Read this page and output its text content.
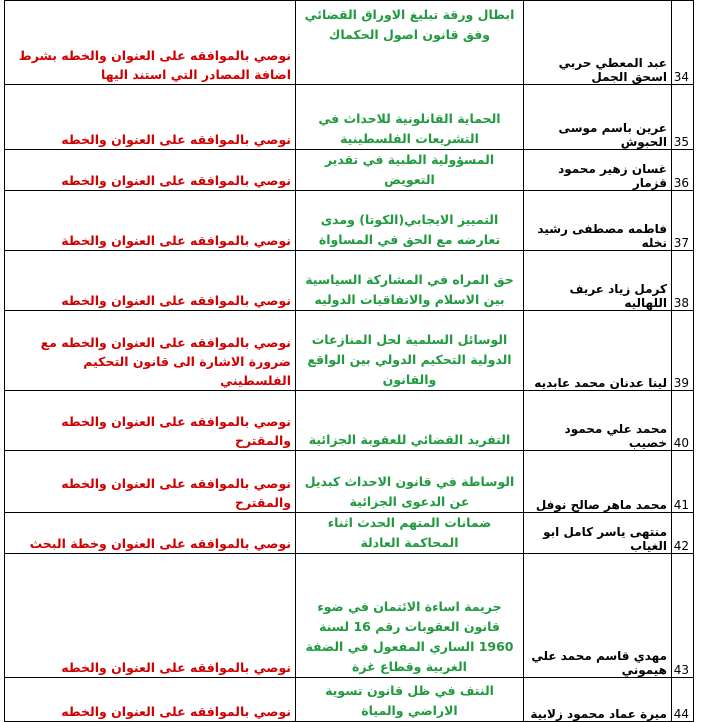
34	عبد المعطي حربي اسحق الجمل	ابطال ورقة تبليغ الاوراق القضائي وفق قانون اصول الحكماك	نوصي بالموافقه على العنوان والخطه بشرط اضافة المصادر التي استند اليها
35	عرين باسم موسى الحبوش	الحماية القانلونية للاحداث في التشريعات الفلسطينية	نوصي بالموافقه على العنوان والخطه
36	غسان زهير محمود قزمار	المسؤولية الطبية في تقدير التعويض	نوصي بالموافقه على العنوان والخطه
37	فاطمه مصطفى رشيد نخله	التمييز الايجابي(الكوتا) ومدى تعارضه مع الحق في المساواة	نوصي بالموافقه على العنوان والخطة
38	كرمل زياد عريف اللهاليه	حق المراه في المشاركة السياسية بين الاسلام والاتفاقيات الدوليه	نوصي بالموافقه على العنوان والخطه
39	لينا عدنان محمد عابديه	الوسائل السلمية لحل المنازعات الدولية التحكيم الدولي بين الواقع والقانون	نوصي بالموافقه على العنوان والخطه مع ضرورة الاشارة الى قانون التحكيم الفلسطيني
40	محمد علي محمود خصيب	التفريد القضائي للعقوبة الجزائية	نوصي بالموافقه على العنوان والخطه والمقترح
41	محمد ماهر صالح نوفل	الوساطة في قانون الاحداث كبديل عن الدعوى الجزائية	نوصي بالموافقه على العنوان والخطه والمقترح
42	منتهى ياسر كامل ابو الغياب	ضمانات المتهم الحدث اثناء المحاكمة العادلة	نوصي بالموافقه على العنوان وخطة البحث
43	مهدي قاسم محمد علي هيموني	جريمة اساءة الائتمان في ضوء قانون العقوبات رقم 16 لسنة 1960 الساري المفعول في الضفة الغربية وقطاع غزة	نوصي بالموافقه على العنوان والخطه
44	ميرة عماد محمود زلابية	النتف في ظل قانون تسوية الاراضي والمياة	نوصي بالموافقه على العنوان والخطه
